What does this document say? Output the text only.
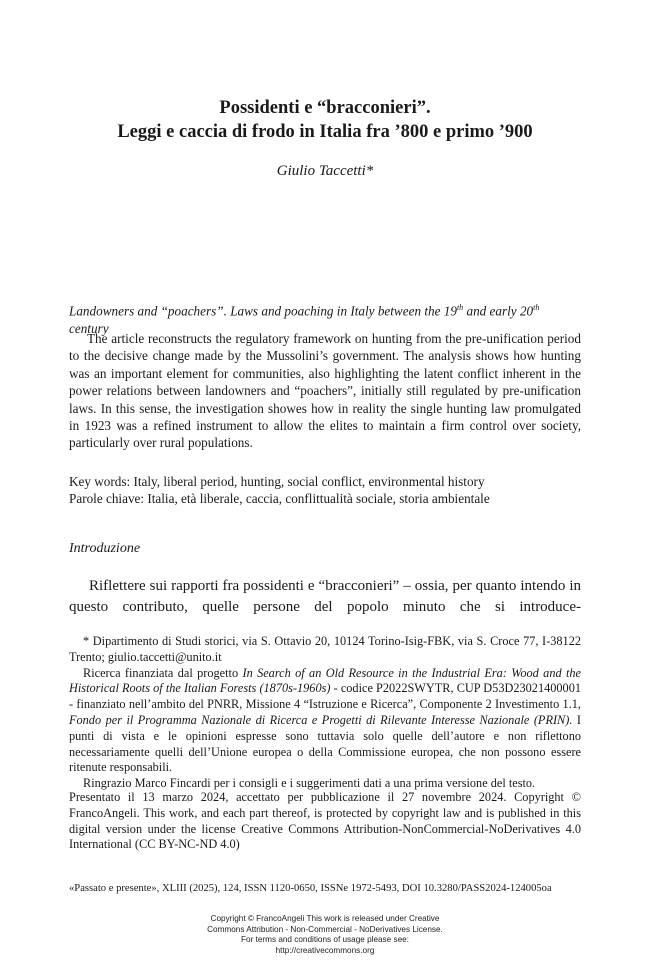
Possidenti e “bracconieri”.
Leggi e caccia di frodo in Italia fra ’800 e primo ’900
Giulio Taccetti*
Landowners and “poachers”. Laws and poaching in Italy between the 19th and early 20th century
The article reconstructs the regulatory framework on hunting from the pre-unification period to the decisive change made by the Mussolini’s government. The analysis shows how hunting was an important element for communities, also highlighting the latent conflict inherent in the power relations between landowners and “poachers”, initially still regulated by pre-unification laws. In this sense, the investigation showes how in reality the single hunting law promulgated in 1923 was a refined instrument to allow the elites to maintain a firm control over society, particularly over rural populations.
Key words: Italy, liberal period, hunting, social conflict, environmental history
Parole chiave: Italia, età liberale, caccia, conflittualità sociale, storia ambientale
Introduzione
Riflettere sui rapporti fra possidenti e “bracconieri” – ossia, per quanto intendo in questo contributo, quelle persone del popolo minuto che si introduce-

* Dipartimento di Studi storici, via S. Ottavio 20, 10124 Torino-Isig-FBK, via S. Croce 77, I-38122 Trento; giulio.taccetti@unito.it

Ricerca finanziata dal progetto In Search of an Old Resource in the Industrial Era: Wood and the Historical Roots of the Italian Forests (1870s-1960s) - codice P2022SWYTR, CUP D53D23021400001 - finanziato nell’ambito del PNRR, Missione 4 “Istruzione e Ricerca”, Componente 2 Investimento 1.1, Fondo per il Programma Nazionale di Ricerca e Progetti di Rilevante Interesse Nazionale (PRIN). I punti di vista e le opinioni espresse sono tuttavia solo quelle dell’autore e non riflettono necessariamente quelli dell’Unione europea o della Commissione europea, che non possono essere ritenute responsabili.

Ringrazio Marco Fincardi per i consigli e i suggerimenti dati a una prima versione del testo.

Presentato il 13 marzo 2024, accettato per pubblicazione il 27 novembre 2024. Copyright © FrancoAngeli. This work, and each part thereof, is protected by copyright law and is published in this digital version under the license Creative Commons Attribution-NonCommercial-NoDerivatives 4.0 International (CC BY-NC-ND 4.0)
«Passato e presente», XLIII (2025), 124, ISSN 1120-0650, ISSNe 1972-5493, DOI 10.3280/PASS2024-124005oa
Copyright © FrancoAngeli This work is released under Creative
Commons Attribution - Non-Commercial - NoDerivatives License.
For terms and conditions of usage please see:
http://creativecommons.org
